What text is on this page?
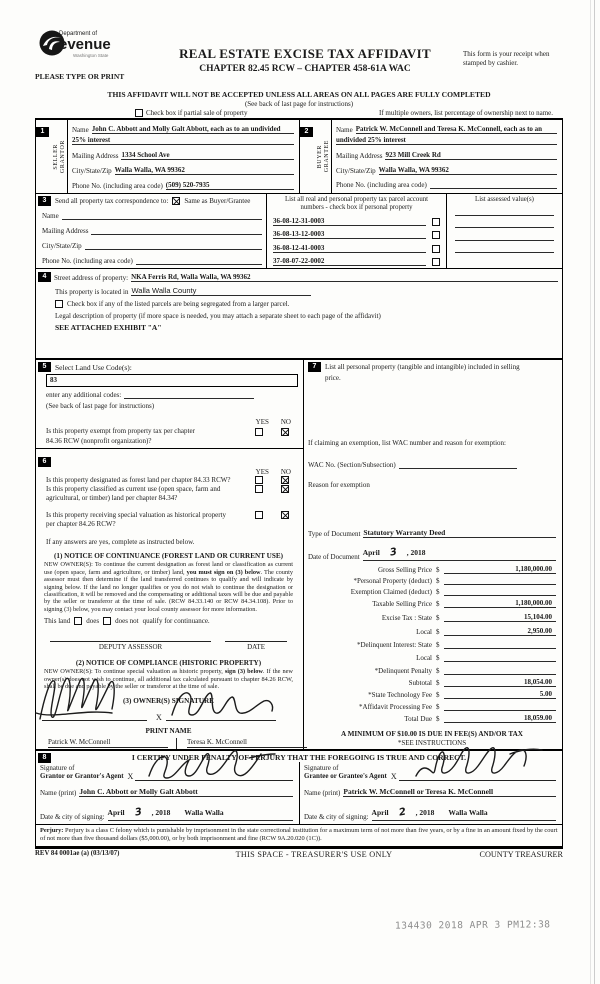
Department of
evenue
Washington State
PLEASE TYPE OR PRINT
REAL ESTATE EXCISE TAX AFFIDAVIT
CHAPTER 82.45 RCW – CHAPTER 458-61A WAC
This form is your receipt when stamped by cashier.
THIS AFFIDAVIT WILL NOT BE ACCEPTED UNLESS ALL AREAS ON ALL PAGES ARE FULLY COMPLETED
(See back of last page for instructions)
Check box if partial sale of property	If multiple owners, list percentage of ownership next to name.
1
SELLER GRANTOR
Name John C. Abbott and Molly Galt Abbott, each as to an undivided
25% interest
Mailing Address 1334 School Ave
City/State/Zip Walla Walla, WA 99362
Phone No. (including area code) (509) 520-7935
2
BUYER GRANTEE
Name Patrick W. McConnell and Teresa K. McConnell, each as to an
undivided 25% interest
Mailing Address 923 Mill Creek Rd
City/State/Zip Walla Walla, WA 99362
Phone No. (including area code)
3	Send all property tax correspondence to: Same as Buyer/Grantee
Name
Mailing Address
City/State/Zip
Phone No. (including area code)
List all real and personal property tax parcel account
numbers - check box if personal property
36-08-12-31-0003
36-08-13-12-0003
36-08-12-41-0003
37-08-07-22-0002
List assessed value(s)
4	Street address of property: NKA Ferris Rd, Walla Walla, WA 99362
This property is located in Walla Walla County
Check box if any of the listed parcels are being segregated from a larger parcel.
Legal description of property (if more space is needed, you may attach a separate sheet to each page of the affidavit)
SEE ATTACHED EXHIBIT "A"
5	Select Land Use Code(s):
83
enter any additional codes:
(See back of last page for instructions)
YES NO
Is this property exempt from property tax per chapter
84.36 RCW (nonprofit organization)?
6
YES NO
Is this property designated as forest land per chapter 84.33 RCW?
Is this property classified as current use (open space, farm and
agricultural, or timber) land per chapter 84.34?
Is this property receiving special valuation as historical property
per chapter 84.26 RCW?
If any answers are yes, complete as instructed below.
(1) NOTICE OF CONTINUANCE (FOREST LAND OR CURRENT USE)
NEW OWNER(S): To continue the current designation as forest land or classification as current use (open space, farm and agriculture, or timber) land, you must sign on (3) below. The county assessor must then determine if the land transferred continues to qualify and will indicate by signing below. If the land no longer qualifies or you do not wish to continue the designation or classification, it will be removed and the compensating or additional taxes will be due and payable by the seller or transferor at the time of sale. (RCW 84.33.140 or RCW 84.34.108). Prior to signing (3) below, you may contact your local county assessor for more information.
This land does does not qualify for continuance.
DEPUTY ASSESSOR	DATE
(2) NOTICE OF COMPLIANCE (HISTORIC PROPERTY)
NEW OWNER(S): To continue special valuation as historic property, sign (3) below. If the new owner(s) does not wish to continue, all additional tax calculated pursuant to chapter 84.26 RCW, shall be due and payable by the seller or transferor at the time of sale.
(3) OWNER(S) SIGNATURE
X
PRINT NAME
Patrick W. McConnell	Teresa K. McConnell
7	List all personal property (tangible and intangible) included in selling
price.
If claiming an exemption, list WAC number and reason for exemption:
WAC No. (Section/Subsection)
Reason for exemption
Type of Document Statutory Warranty Deed
Date of Document April 3 , 2018
Gross Selling Price $	1,180,000.00
*Personal Property (deduct) $
Exemption Claimed (deduct) $
Taxable Selling Price $	1,180,000.00
Excise Tax : State $	15,104.00
Local $	2,950.00
*Delinquent Interest: State $
Local $
*Delinquent Penalty $
Subtotal $	18,054.00
*State Technology Fee $	5.00
*Affidavit Processing Fee $
Total Due $	18,059.00
A MINIMUM OF $10.00 IS DUE IN FEE(S) AND/OR TAX
*SEE INSTRUCTIONS
8	I CERTIFY UNDER PENALTY OF PERJURY THAT THE FOREGOING IS TRUE AND CORRECT.
Signature of
Grantor or Grantor's Agent X
Name (print) John C. Abbott or Molly Galt Abbott
Date & city of signing: April 3 , 2018 Walla Walla
Signature of
Grantee or Grantee's Agent X
Name (print) Patrick W. McConnell or Teresa K. McConnell
Date & city of signing: April 2 , 2018 Walla Walla
Perjury: Perjury is a class C felony which is punishable by imprisonment in the state correctional institution for a maximum term of not more than five years, or by a fine in an amount fixed by the court of not more than five thousand dollars ($5,000.00), or by both imprisonment and fine (RCW 9A.20.020 (1C)).
REV 84 0001ae (a) (03/13/07)	THIS SPACE - TREASURER'S USE ONLY	COUNTY TREASURER
134430 2018 APR 3 PM12:38
